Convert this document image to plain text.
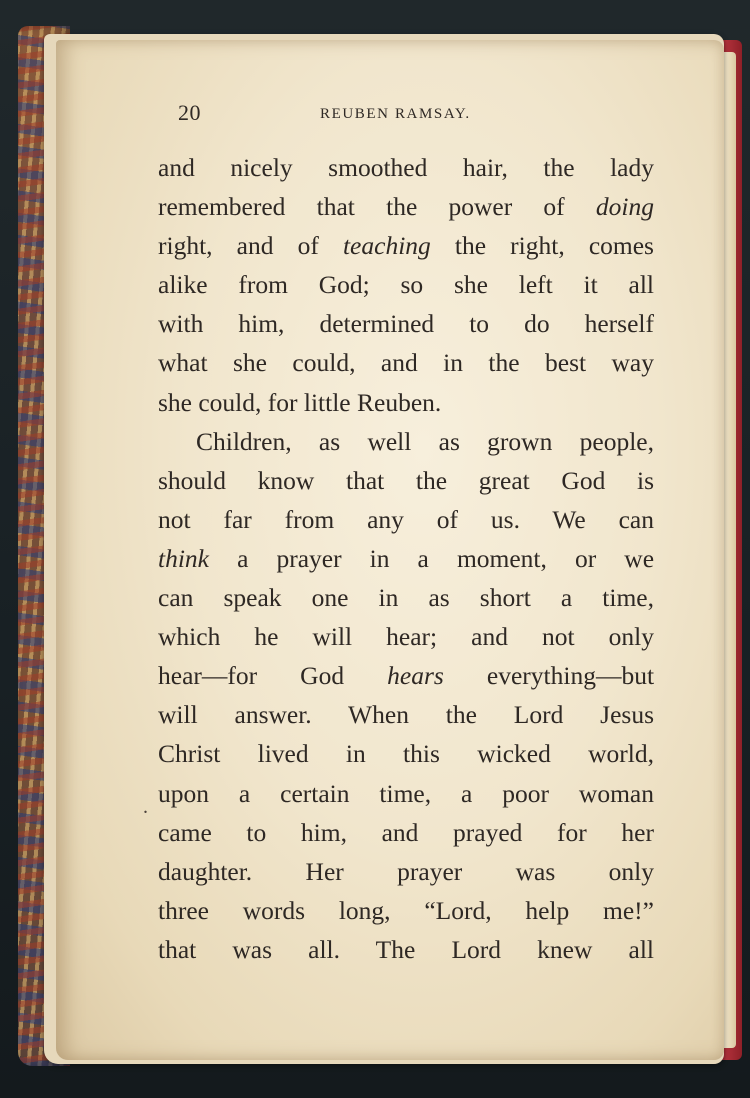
20	REUBEN RAMSAY.
.
and nicely smoothed hair, the lady
remembered that the power of doing
right, and of teaching the right, comes
alike from God; so she left it all
with him, determined to do herself
what she could, and in the best way
she could, for little Reuben.
Children, as well as grown people,
should know that the great God is
not far from any of us. We can
think a prayer in a moment, or we
can speak one in as short a time,
which he will hear; and not only
hear—for God hears everything—but
will answer. When the Lord Jesus
Christ lived in this wicked world,
upon a certain time, a poor woman
came to him, and prayed for her
daughter. Her prayer was only
three words long, “Lord, help me!”
that was all. The Lord knew all
